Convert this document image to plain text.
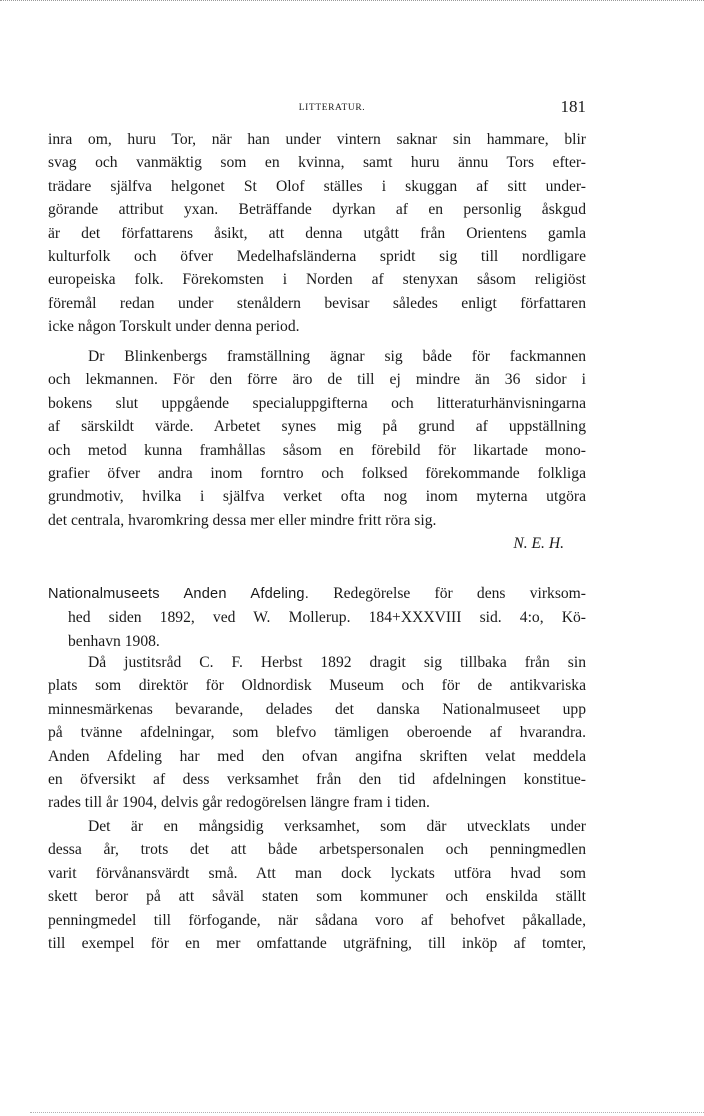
LITTERATUR.	181
inra om, huru Tor, när han under vintern saknar sin hammare, blir
svag och vanmäktig som en kvinna, samt huru ännu Tors efter-
trädare själfva helgonet St Olof ställes i skuggan af sitt under-
görande attribut yxan. Beträffande dyrkan af en personlig åskgud
är det författarens åsikt, att denna utgått från Orientens gamla
kulturfolk och öfver Medelhafsländerna spridt sig till nordligare
europeiska folk. Förekomsten i Norden af stenyxan såsom religiöst
föremål redan under stenåldern bevisar således enligt författaren
icke någon Torskult under denna period.
Dr Blinkenbergs framställning ägnar sig både för fackmannen
och lekmannen. För den förre äro de till ej mindre än 36 sidor i
bokens slut uppgående specialuppgifterna och litteraturhänvisningarna
af särskildt värde. Arbetet synes mig på grund af uppställning
och metod kunna framhållas såsom en förebild för likartade mono-
grafier öfver andra inom forntro och folksed förekommande folkliga
grundmotiv, hvilka i själfva verket ofta nog inom myterna utgöra
det centrala, hvaromkring dessa mer eller mindre fritt röra sig.
N. E. H.
Nationalmuseets Anden Afdeling. Redegörelse för dens virksom-
hed siden 1892, ved W. Mollerup. 184+XXXVIII sid. 4:o, Kö-
benhavn 1908.
Då justitsråd C. F. Herbst 1892 dragit sig tillbaka från sin
plats som direktör för Oldnordisk Museum och för de antikvariska
minnesmärkenas bevarande, delades det danska Nationalmuseet upp
på tvänne afdelningar, som blefvo tämligen oberoende af hvarandra.
Anden Afdeling har med den ofvan angifna skriften velat meddela
en öfversikt af dess verksamhet från den tid afdelningen konstitue-
rades till år 1904, delvis går redogörelsen längre fram i tiden.
Det är en mångsidig verksamhet, som där utvecklats under
dessa år, trots det att både arbetspersonalen och penningmedlen
varit förvånansvärdt små. Att man dock lyckats utföra hvad som
skett beror på att såväl staten som kommuner och enskilda ställt
penningmedel till förfogande, när sådana voro af behofvet påkallade,
till exempel för en mer omfattande utgräfning, till inköp af tomter,
